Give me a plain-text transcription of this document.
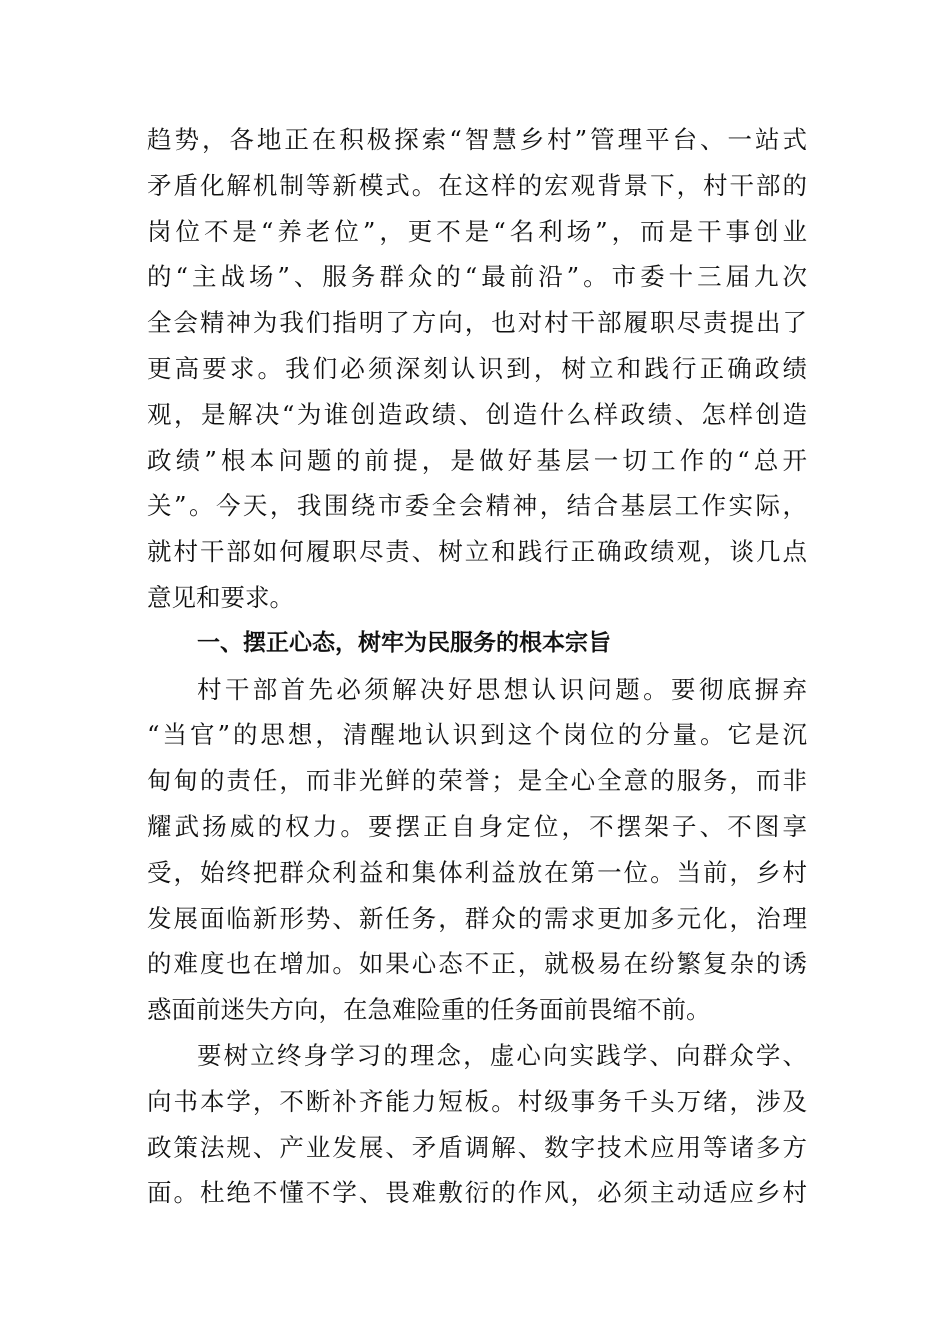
趋势，各地正在积极探索“智慧乡村”管理平台、一站式
矛盾化解机制等新模式。在这样的宏观背景下，村干部的
岗位不是“养老位”，更不是“名利场”，而是干事创业
的“主战场”、服务群众的“最前沿”。市委十三届九次
全会精神为我们指明了方向，也对村干部履职尽责提出了
更高要求。我们必须深刻认识到，树立和践行正确政绩
观，是解决“为谁创造政绩、创造什么样政绩、怎样创造
政绩”根本问题的前提，是做好基层一切工作的“总开
关”。今天，我围绕市委全会精神，结合基层工作实际，
就村干部如何履职尽责、树立和践行正确政绩观，谈几点
意见和要求。
一、摆正心态，树牢为民服务的根本宗旨
村干部首先必须解决好思想认识问题。要彻底摒弃
“当官”的思想，清醒地认识到这个岗位的分量。它是沉
甸甸的责任，而非光鲜的荣誉；是全心全意的服务，而非
耀武扬威的权力。要摆正自身定位，不摆架子、不图享
受，始终把群众利益和集体利益放在第一位。当前，乡村
发展面临新形势、新任务，群众的需求更加多元化，治理
的难度也在增加。如果心态不正，就极易在纷繁复杂的诱
惑面前迷失方向，在急难险重的任务面前畏缩不前。
要树立终身学习的理念，虚心向实践学、向群众学、
向书本学，不断补齐能力短板。村级事务千头万绪，涉及
政策法规、产业发展、矛盾调解、数字技术应用等诸多方
面。杜绝不懂不学、畏难敷衍的作风，必须主动适应乡村
